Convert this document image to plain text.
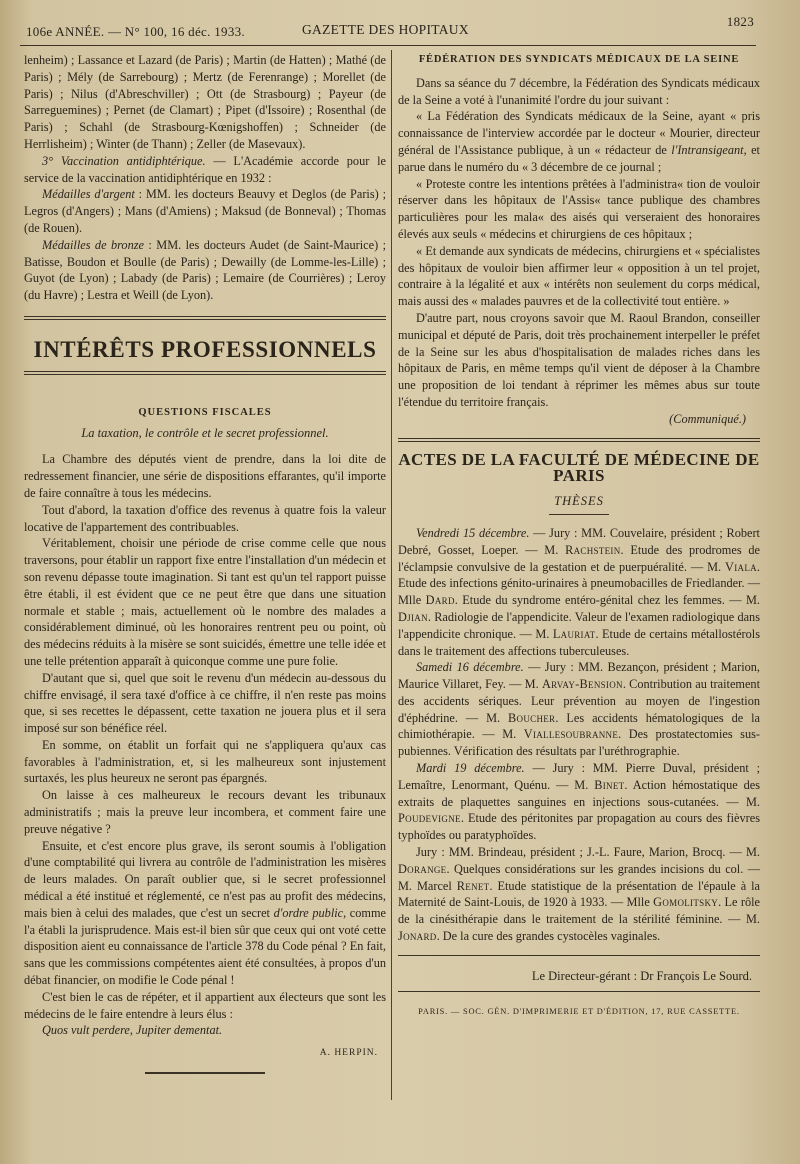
106e ANNÉE. — N° 100, 16 déc. 1933.	GAZETTE DES HOPITAUX
1823

lenheim) ; Lassance et Lazard (de Paris) ; Martin (de Hatten) ; Mathé (de Paris) ; Mély (de Sarrebourg) ; Mertz (de Ferenrange) ; Morellet (de Paris) ; Nilus (d'Abreschviller) ; Ott (de Strasbourg) ; Payeur (de Sarreguemines) ; Pernet (de Clamart) ; Pipet (d'Issoire) ; Rosenthal (de Paris) ; Schahl (de Strasbourg-Kœnigshoffen) ; Schneider (de Herrlisheim) ; Winter (de Thann) ; Zeller (de Masevaux).

3° Vaccination antidiphtérique. — L'Académie accorde pour le service de la vaccination antidiphtérique en 1932 :

Médailles d'argent : MM. les docteurs Beauvy et Deglos (de Paris) ; Legros (d'Angers) ; Mans (d'Amiens) ; Maksud (de Bonneval) ; Thomas (de Rouen).

Médailles de bronze : MM. les docteurs Audet (de Saint-Maurice) ; Batisse, Boudon et Boulle (de Paris) ; Dewailly (de Lomme-les-Lille) ; Guyot (de Lyon) ; Labady (de Paris) ; Lemaire (de Courrières) ; Leroy (du Havre) ; Lestra et Weill (de Lyon).

INTÉRÊTS PROFESSIONNELS
QUESTIONS FISCALES
La taxation, le contrôle et le secret professionnel.

La Chambre des députés vient de prendre, dans la loi dite de redressement financier, une série de dispositions effarantes, qu'il importe de faire connaître à tous les médecins.

Tout d'abord, la taxation d'office des revenus à quatre fois la valeur locative de l'appartement des contribuables.

Véritablement, choisir une période de crise comme celle que nous traversons, pour établir un rapport fixe entre l'installation d'un médecin et son revenu dépasse toute imagination. Si tant est qu'un tel rapport puisse être établi, il est évident que ce ne peut être que dans une situation normale et stable ; mais, actuellement où le nombre des malades a considérablement diminué, où les honoraires rentrent peu ou point, où des médecins réduits à la misère se sont suicidés, émettre une telle idée et une telle prétention apparaît à quiconque comme une pure folie.

D'autant que si, quel que soit le revenu d'un médecin au-dessous du chiffre envisagé, il sera taxé d'office à ce chiffre, il n'en reste pas moins que, si ses recettes le dépassent, cette taxation ne jouera plus et il sera imposé sur son bénéfice réel.

En somme, on établit un forfait qui ne s'appliquera qu'aux cas favorables à l'administration, et, si les malheureux sont injustement surtaxés, les plus heureux ne seront pas épargnés.

On laisse à ces malheureux le recours devant les tribunaux administratifs ; mais la preuve leur incombera, et comment faire une preuve négative ?

Ensuite, et c'est encore plus grave, ils seront soumis à l'obligation d'une comptabilité qui livrera au contrôle de l'administration les misères de leurs malades. On paraît oublier que, si le secret professionnel médical a été institué et réglementé, ce n'est pas au profit des médecins, mais bien à celui des malades, que c'est un secret d'ordre public, comme l'a établi la jurisprudence. Mais est-il bien sûr que ceux qui ont voté cette disposition aient eu connaissance de l'article 378 du Code pénal ? En fait, sans que les commissions compétentes aient été consultées, à propos d'un débat financier, on modifie le Code pénal !

C'est bien le cas de répéter, et il appartient aux électeurs que sont les médecins de le faire entendre à leurs élus :

Quos vult perdere, Jupiter dementat.

A. HERPIN.
FÉDÉRATION DES SYNDICATS MÉDICAUX DE LA SEINE

Dans sa séance du 7 décembre, la Fédération des Syndicats médicaux de la Seine a voté à l'unanimité l'ordre du jour suivant :

« La Fédération des Syndicats médicaux de la Seine, ayant « pris connaissance de l'interview accordée par le docteur « Mourier, directeur général de l'Assistance publique, à un « rédacteur de l'Intransigeant, et parue dans le numéro du « 3 décembre de ce journal ;

« Proteste contre les intentions prêtées à l'administra« tion de vouloir réserver dans les hôpitaux de l'Assis« tance publique des chambres particulières pour les mala« des aisés qui verseraient des honoraires élevés aux seuls « médecins et chirurgiens de ces hôpitaux ;

« Et demande aux syndicats de médecins, chirurgiens et « spécialistes des hôpitaux de vouloir bien affirmer leur « opposition à un tel projet, contraire à la légalité et aux « intérêts non seulement du corps médical, mais aussi des « malades pauvres et de la collectivité tout entière. »

D'autre part, nous croyons savoir que M. Raoul Brandon, conseiller municipal et député de Paris, doit très prochainement interpeller le préfet de la Seine sur les abus d'hospitalisation de malades riches dans les hôpitaux de Paris, en même temps qu'il vient de déposer à la Chambre une proposition de loi tendant à réprimer les mêmes abus sur toute l'étendue du territoire français.

(Communiqué.)
ACTES DE LA FACULTÉ DE MÉDECINE DE PARIS
THÈSES

Vendredi 15 décembre. — Jury : MM. Couvelaire, président ; Robert Debré, Gosset, Loeper. — M. Rachstein. Etude des prodromes de l'éclampsie convulsive de la gestation et de puerpuéralité. — M. Viala. Etude des infections génito-urinaires à pneumobacilles de Friedlander. — Mlle Dard. Etude du syndrome entéro-génital chez les femmes. — M. Djian. Radiologie de l'appendicite. Valeur de l'examen radiologique dans l'appendicite chronique. — M. Lauriat. Etude de certains métallostérols dans le traitement des affections tuberculeuses.

Samedi 16 décembre. — Jury : MM. Bezançon, président ; Marion, Maurice Villaret, Fey. — M. Arvay-Bension. Contribution au traitement des accidents sériques. Leur prévention au moyen de l'ingestion d'éphédrine. — M. Boucher. Les accidents hématologiques de la chimiothérapie. — M. Viallesoubranne. Des prostatectomies sus-pubiennes. Vérification des résultats par l'uréthrographie.

Mardi 19 décembre. — Jury : MM. Pierre Duval, président ; Lemaître, Lenormant, Quénu. — M. Binet. Action hémostatique des extraits de plaquettes sanguines en injections sous-cutanées. — M. Poudevigne. Etude des péritonites par propagation au cours des fièvres typhoïdes ou paratyphoïdes.

Jury : MM. Brindeau, président ; J.-L. Faure, Marion, Brocq. — M. Dorange. Quelques considérations sur les grandes incisions du col. — M. Marcel Renet. Etude statistique de la présentation de l'épaule à la Maternité de Saint-Louis, de 1920 à 1933. — Mlle Gomolitsky. Le rôle de la cinésithérapie dans le traitement de la stérilité féminine. — M. Jonard. De la cure des grandes cystocèles vaginales.

Le Directeur-gérant : Dr François Le Sourd.
PARIS. — SOC. GÉN. D'IMPRIMERIE ET D'ÉDITION, 17, RUE CASSETTE.
